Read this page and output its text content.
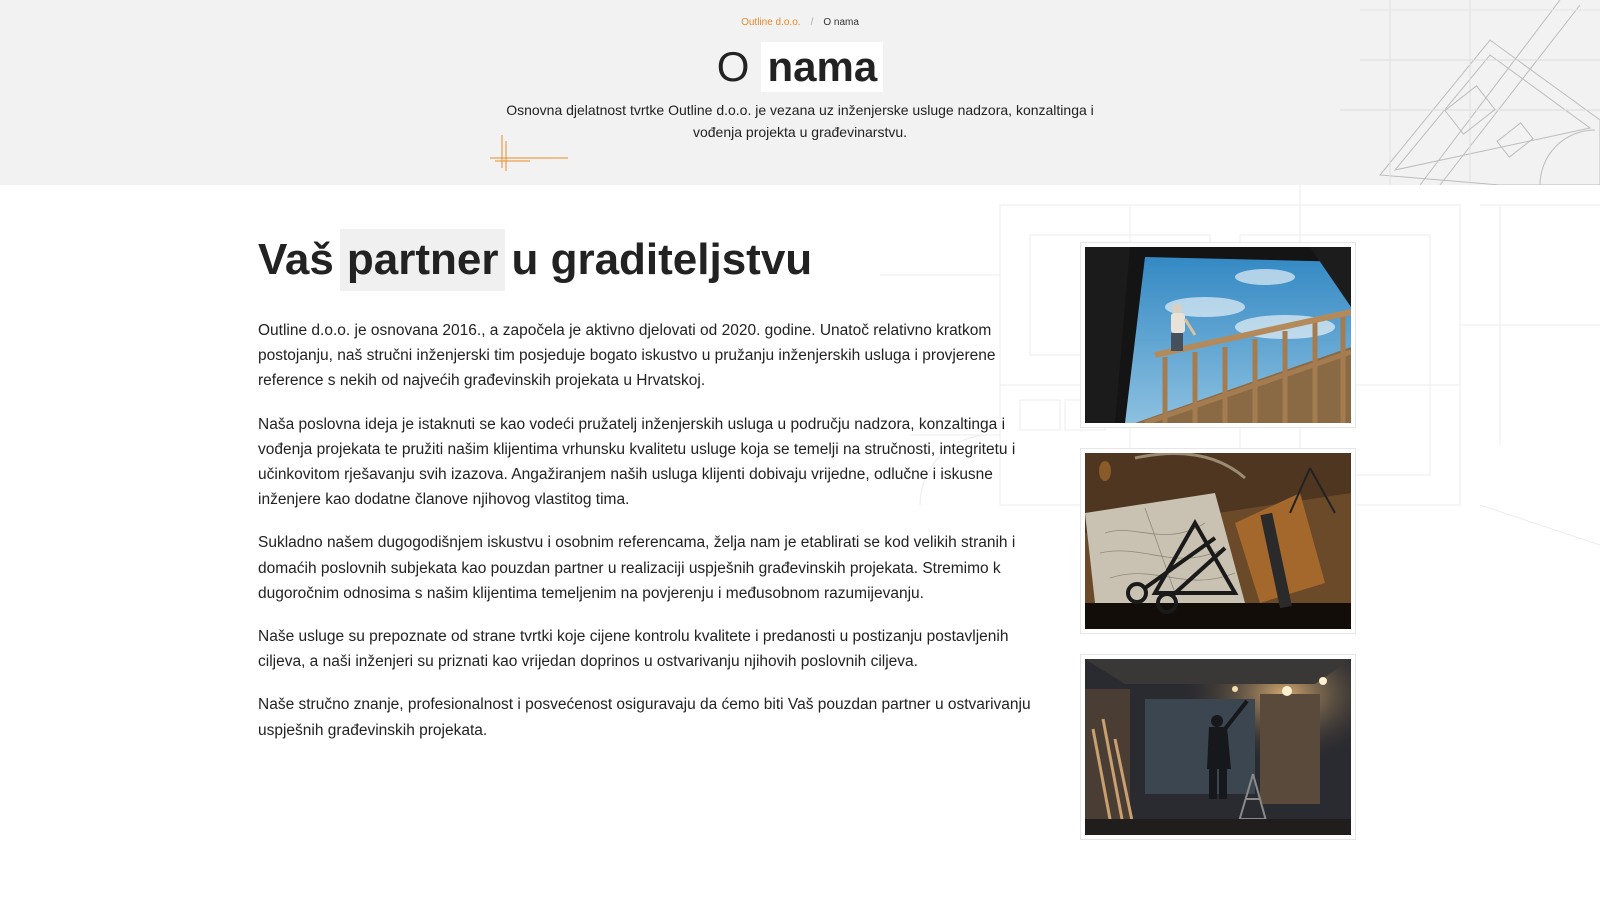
Outline d.o.o. / O nama
O nama

Osnovna djelatnost tvrtke Outline d.o.o. je vezana uz inženjerske usluge nadzora, konzaltinga i vođenja projekta u građevinarstvu.

Vaš partner u graditeljstvu

Outline d.o.o. je osnovana 2016., a započela je aktivno djelovati od 2020. godine. Unatoč relativno kratkom postojanju, naš stručni inženjerski tim posjeduje bogato iskustvo u pružanju inženjerskih usluga i provjerene reference s nekih od najvećih građevinskih projekata u Hrvatskoj.

Naša poslovna ideja je istaknuti se kao vodeći pružatelj inženjerskih usluga u području nadzora, konzaltinga i vođenja projekata te pružiti našim klijentima vrhunsku kvalitetu usluge koja se temelji na stručnosti, integritetu i učinkovitom rješavanju svih izazova. Angažiranjem naših usluga klijenti dobivaju vrijedne, odlučne i iskusne inženjere kao dodatne članove njihovog vlastitog tima.

Sukladno našem dugogodišnjem iskustvu i osobnim referencama, želja nam je etablirati se kod velikih stranih i domaćih poslovnih subjekata kao pouzdan partner u realizaciji uspješnih građevinskih projekata. Stremimo k dugoročnim odnosima s našim klijentima temeljenim na povjerenju i međusobnom razumijevanju.

Naše usluge su prepoznate od strane tvrtki koje cijene kontrolu kvalitete i predanosti u postizanju postavljenih ciljeva, a naši inženjeri su priznati kao vrijedan doprinos u ostvarivanju njihovih poslovnih ciljeva.

Naše stručno znanje, profesionalnost i posvećenost osiguravaju da ćemo biti Vaš pouzdan partner u ostvarivanju uspješnih građevinskih projekata.
